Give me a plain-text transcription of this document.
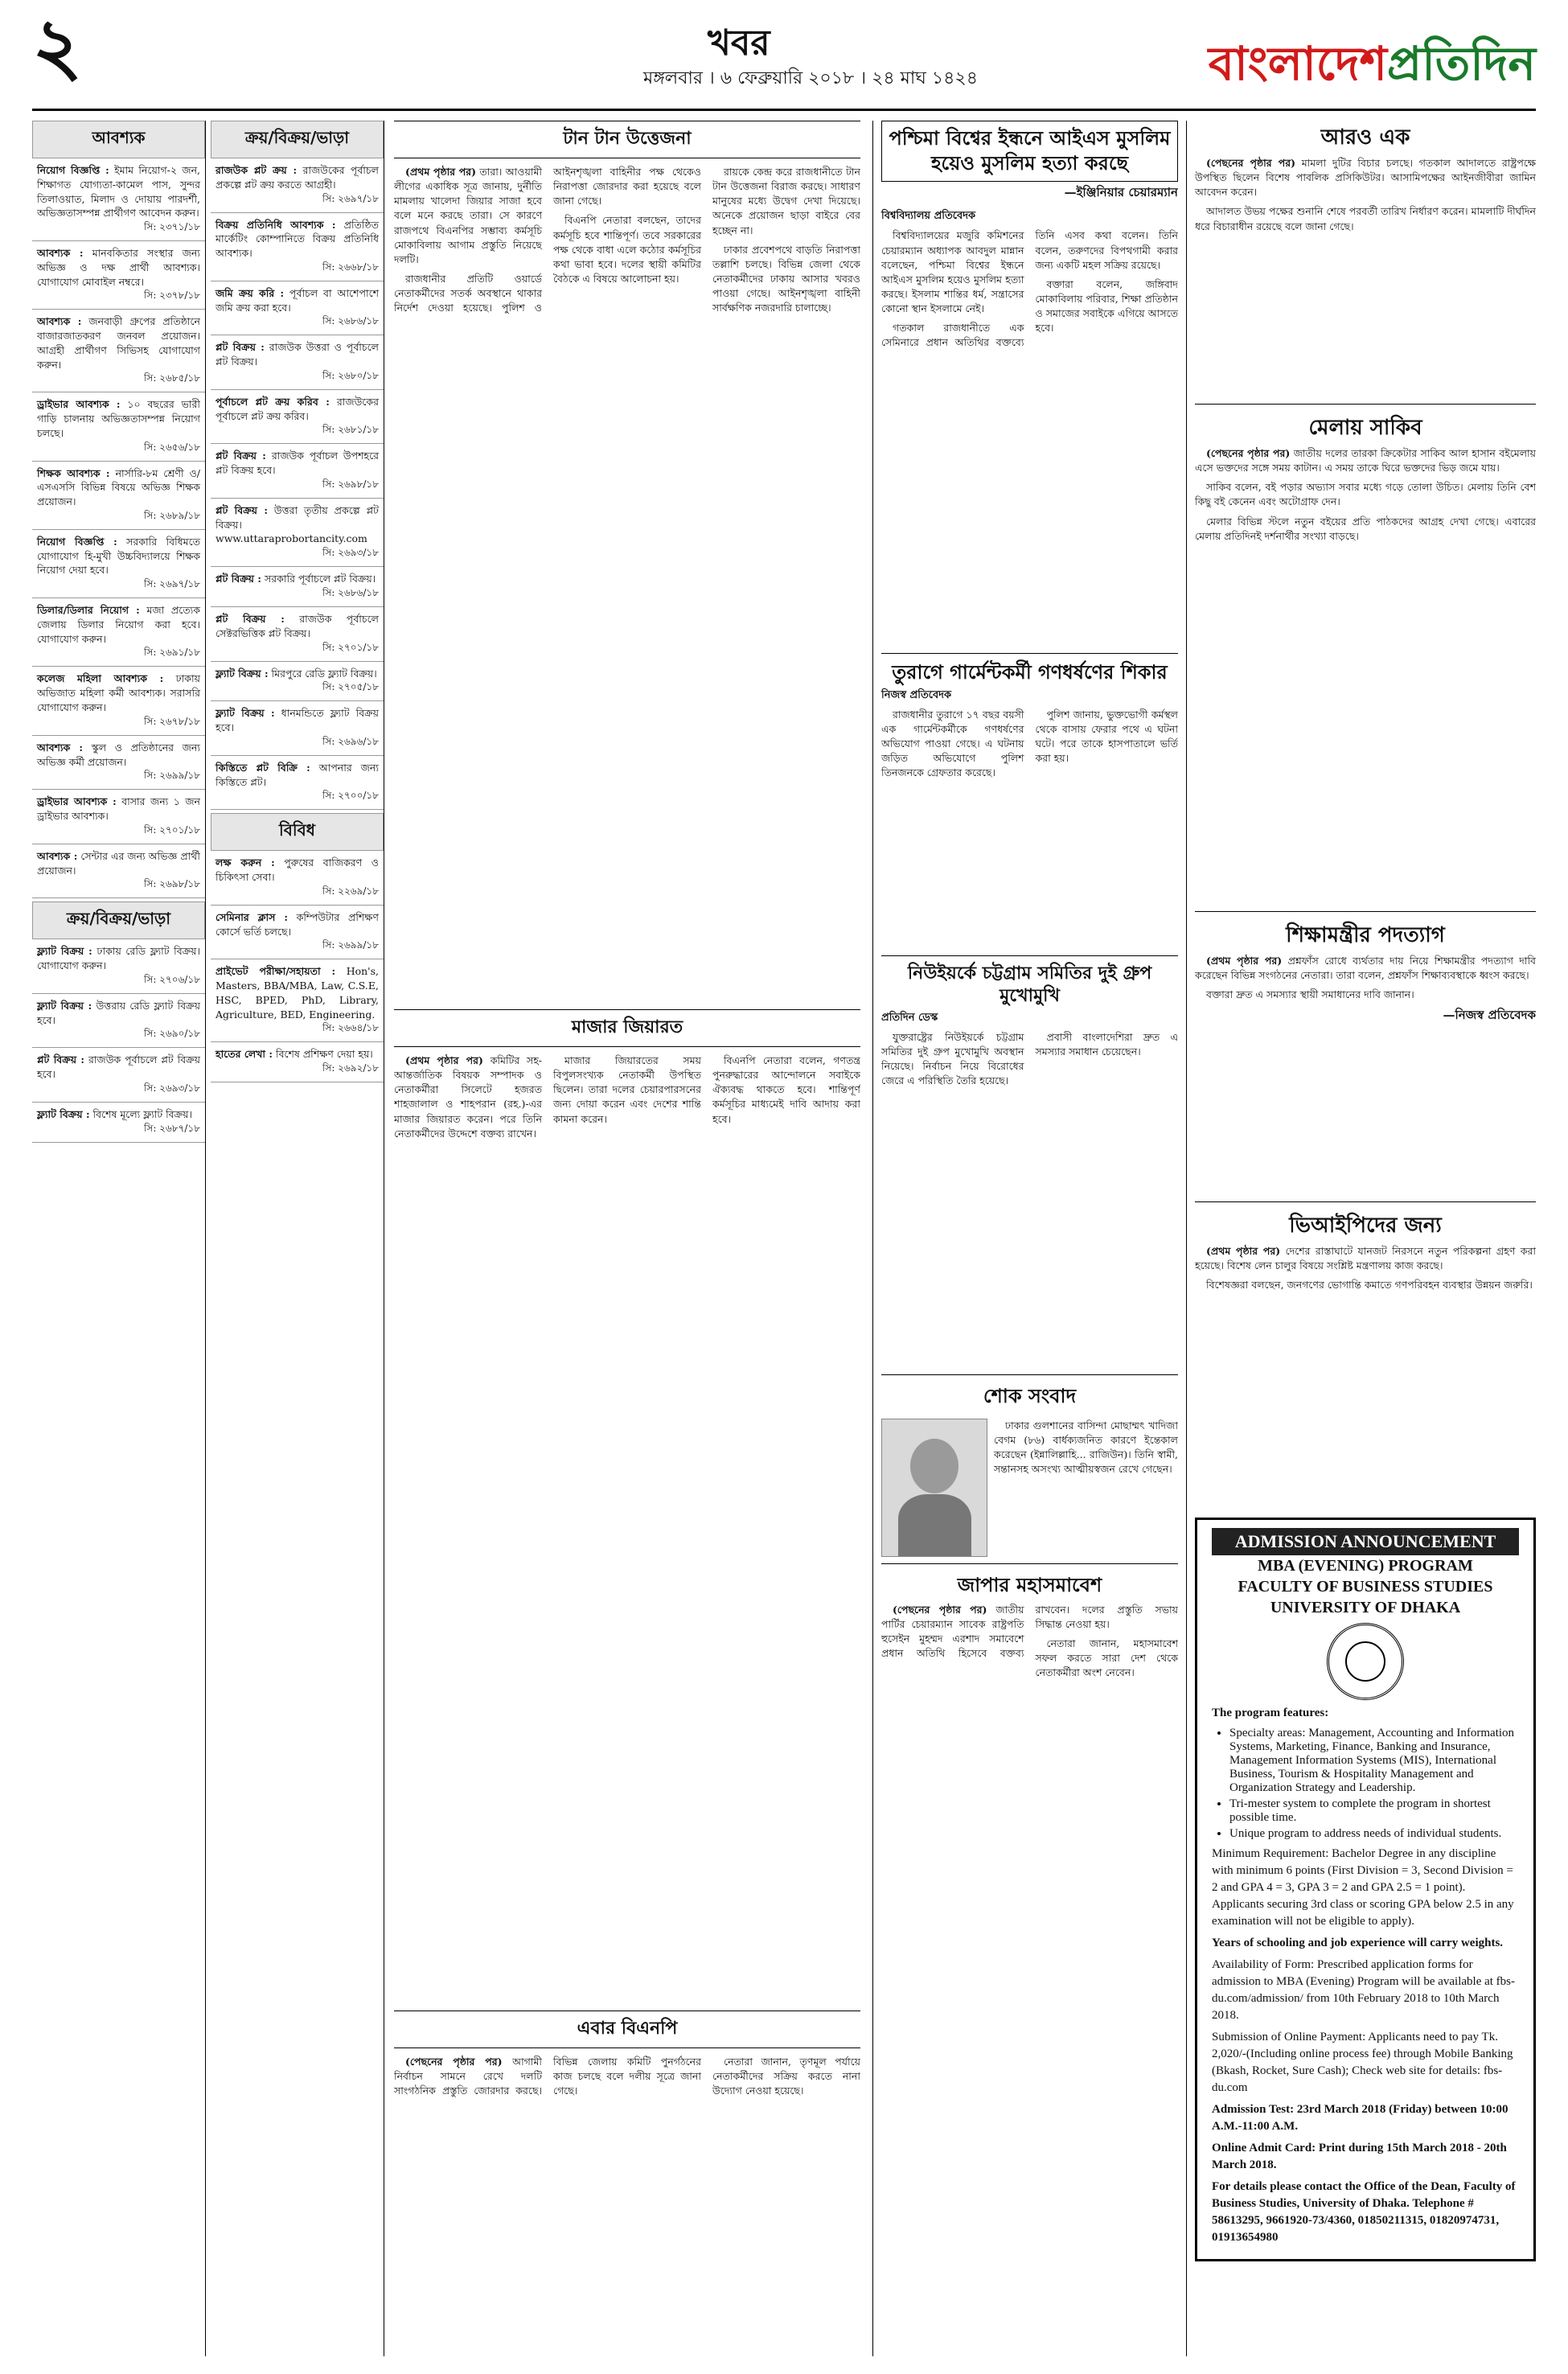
২	খবর
মঙ্গলবার । ৬ ফেব্রুয়ারি ২০১৮ । ২৪ মাঘ ১৪২৪	বাংলাদেশপ্রতিদিন
আবশ্যক
নিয়োগ বিজ্ঞপ্তি : ইমাম নিয়োগ-২ জন, শিক্ষাগত যোগ্যতা-কামেল পাস, সুন্দর তিলাওয়াত, মিলাদ ও দোয়ায় পারদর্শী, অভিজ্ঞতাসম্পন্ন প্রার্থীগণ আবেদন করুন।
সি: ২৩৭১/১৮
আবশ্যক : মানবকিতার সংস্থার জন্য অভিজ্ঞ ও দক্ষ প্রার্থী আবশ্যক। যোগাযোগ মোবাইল নম্বরে।
সি: ২৩৭৮/১৮
আবশ্যক : জনবাড়ী গ্রুপের প্রতিষ্ঠানে বাজারজাতকরণ জনবল প্রয়োজন। আগ্রহী প্রার্থীগণ সিভিসহ যোগাযোগ করুন।
সি: ২৬৮৫/১৮
ড্রাইভার আবশ্যক : ১০ বছরের ভারী গাড়ি চালনায় অভিজ্ঞতাসম্পন্ন নিয়োগ চলছে।
সি: ২৬৫৬/১৮
শিক্ষক আবশ্যক : নার্সারি-৮ম শ্রেণী ও/এসএসসি বিভিন্ন বিষয়ে অভিজ্ঞ শিক্ষক প্রয়োজন।
সি: ২৬৮৯/১৮
নিয়োগ বিজ্ঞপ্তি : সরকারি বিধিমতে যোগাযোগ হি-মুখী উচ্চবিদ্যালয়ে শিক্ষক নিয়োগ দেয়া হবে।
সি: ২৬৯৭/১৮
ডিলার/ডিলার নিয়োগ : মজা প্রত্যেক জেলায় ডিলার নিয়োগ করা হবে। যোগাযোগ করুন।
সি: ২৬৯১/১৮
কলেজ মহিলা আবশ্যক : ঢাকায় অভিজাত মহিলা কর্মী আবশ্যক। সরাসরি যোগাযোগ করুন।
সি: ২৬৭৮/১৮
আবশ্যক : স্কুল ও প্রতিষ্ঠানের জন্য অভিজ্ঞ কর্মী প্রয়োজন।
সি: ২৬৯৯/১৮
ড্রাইভার আবশ্যক : বাসার জন্য ১ জন ড্রাইভার আবশ্যক।
সি: ২৭০১/১৮
আবশ্যক : সেন্টার এর জন্য অভিজ্ঞ প্রার্থী প্রয়োজন।
সি: ২৬৯৮/১৮
ক্রয়/বিক্রয়/ভাড়া
ফ্ল্যাট বিক্রয় : ঢাকায় রেডি ফ্ল্যাট বিক্রয়। যোগাযোগ করুন।
সি: ২৭০৬/১৮
ফ্ল্যাট বিক্রয় : উত্তরায় রেডি ফ্ল্যাট বিক্রয় হবে।
সি: ২৬৯০/১৮
প্লট বিক্রয় : রাজউক পূর্বাচলে প্লট বিক্রয় হবে।
সি: ২৬৯৩/১৮
ফ্ল্যাট বিক্রয় : বিশেষ মূল্যে ফ্ল্যাট বিক্রয়।
সি: ২৬৮৭/১৮
ক্রয়/বিক্রয়/ভাড়া
রাজউক প্লট ক্রয় : রাজউকের পূর্বাচল প্রকল্পে প্লট ক্রয় করতে আগ্রহী।
সি: ২৬৯৭/১৮
বিক্রয় প্রতিনিধি আবশ্যক : প্রতিষ্ঠিত মার্কেটিং কোম্পানিতে বিক্রয় প্রতিনিধি আবশ্যক।
সি: ২৬৬৮/১৮
জমি ক্রয় করি : পূর্বাচল বা আশেপাশে জমি ক্রয় করা হবে।
সি: ২৬৮৬/১৮
প্লট বিক্রয় : রাজউক উত্তরা ও পূর্বাচলে প্লট বিক্রয়।
সি: ২৬৮০/১৮
পূর্বাচলে প্লট ক্রয় করিব : রাজউকের পূর্বাচলে প্লট ক্রয় করিব।
সি: ২৬৮১/১৮
প্লট বিক্রয় : রাজউক পূর্বাচল উপশহরে প্লট বিক্রয় হবে।
সি: ২৬৯৮/১৮
প্লট বিক্রয় : উত্তরা তৃতীয় প্রকল্পে প্লট বিক্রয়। www.uttaraprobortancity.com
সি: ২৬৯৩/১৮
প্লট বিক্রয় : সরকারি পূর্বাচলে প্লট বিক্রয়।
সি: ২৬৮৬/১৮
প্লট বিক্রয় : রাজউক পূর্বাচলে সেক্টরভিত্তিক প্লট বিক্রয়।
সি: ২৭০১/১৮
ফ্ল্যাট বিক্রয় : মিরপুরে রেডি ফ্ল্যাট বিক্রয়।
সি: ২৭০৫/১৮
ফ্ল্যাট বিক্রয় : ধানমন্ডিতে ফ্ল্যাট বিক্রয় হবে।
সি: ২৬৯৬/১৮
কিস্তিতে প্লট বিক্রি : আপনার জন্য কিস্তিতে প্লট।
সি: ২৭০০/১৮
বিবিধ
লক্ষ করুন : পুরুষের বাজিকরণ ও চিকিৎসা সেবা।
সি: ২২৬৯/১৮
সেমিনার ক্লাস : কম্পিউটার প্রশিক্ষণ কোর্সে ভর্তি চলছে।
সি: ২৬৯৯/১৮
প্রাইভেট পরীক্ষা/সহায়তা : Hon's, Masters, BBA/MBA, Law, C.S.E, HSC, BPED, PhD, Library, Agriculture, BED, Engineering.
সি: ২৬৬৪/১৮
হাতের লেখা : বিশেষ প্রশিক্ষণ দেয়া হয়।
সি: ২৬৯২/১৮
টান টান উত্তেজনা

(প্রথম পৃষ্ঠার পর) তারা। আওয়ামী লীগের একাধিক সূত্র জানায়, দুর্নীতি মামলায় খালেদা জিয়ার সাজা হবে বলে মনে করছে তারা। সে কারণে রাজপথে বিএনপির সম্ভাব্য কর্মসূচি মোকাবিলায় আগাম প্রস্তুতি নিয়েছে দলটি।

রাজধানীর প্রতিটি ওয়ার্ডে নেতাকর্মীদের সতর্ক অবস্থানে থাকার নির্দেশ দেওয়া হয়েছে। পুলিশ ও আইনশৃঙ্খলা বাহিনীর পক্ষ থেকেও নিরাপত্তা জোরদার করা হয়েছে বলে জানা গেছে।

বিএনপি নেতারা বলছেন, তাদের কর্মসূচি হবে শান্তিপূর্ণ। তবে সরকারের পক্ষ থেকে বাধা এলে কঠোর কর্মসূচির কথা ভাবা হবে। দলের স্থায়ী কমিটির বৈঠকে এ বিষয়ে আলোচনা হয়।

রায়কে কেন্দ্র করে রাজধানীতে টান টান উত্তেজনা বিরাজ করছে। সাধারণ মানুষের মধ্যে উদ্বেগ দেখা দিয়েছে। অনেকে প্রয়োজন ছাড়া বাইরে বের হচ্ছেন না।

ঢাকার প্রবেশপথে বাড়তি নিরাপত্তা তল্লাশি চলছে। বিভিন্ন জেলা থেকে নেতাকর্মীদের ঢাকায় আসার খবরও পাওয়া গেছে। আইনশৃঙ্খলা বাহিনী সার্বক্ষণিক নজরদারি চালাচ্ছে।

মাজার জিয়ারত

(প্রথম পৃষ্ঠার পর) কমিটির সহ-আন্তর্জাতিক বিষয়ক সম্পাদক ও নেতাকর্মীরা সিলেটে হজরত শাহজালাল ও শাহপরান (রহ.)-এর মাজার জিয়ারত করেন। পরে তিনি নেতাকর্মীদের উদ্দেশে বক্তব্য রাখেন।

মাজার জিয়ারতের সময় বিপুলসংখ্যক নেতাকর্মী উপস্থিত ছিলেন। তারা দলের চেয়ারপারসনের জন্য দোয়া করেন এবং দেশের শান্তি কামনা করেন।

বিএনপি নেতারা বলেন, গণতন্ত্র পুনরুদ্ধারের আন্দোলনে সবাইকে ঐক্যবদ্ধ থাকতে হবে। শান্তিপূর্ণ কর্মসূচির মাধ্যমেই দাবি আদায় করা হবে।

এবার বিএনপি

(পেছনের পৃষ্ঠার পর) আগামী নির্বাচন সামনে রেখে দলটি সাংগঠনিক প্রস্তুতি জোরদার করছে। বিভিন্ন জেলায় কমিটি পুনর্গঠনের কাজ চলছে বলে দলীয় সূত্রে জানা গেছে।

নেতারা জানান, তৃণমূল পর্যায়ে নেতাকর্মীদের সক্রিয় করতে নানা উদ্যোগ নেওয়া হয়েছে।

পশ্চিমা বিশ্বের ইন্ধনে আইএস মুসলিম হয়েও মুসলিম হত্যা করছে
—ইঞ্জিনিয়ার চেয়ারম্যান
বিশ্ববিদ্যালয় প্রতিবেদক

বিশ্ববিদ্যালয়ের মজুরি কমিশনের চেয়ারম্যান অধ্যাপক আবদুল মান্নান বলেছেন, পশ্চিমা বিশ্বের ইন্ধনে আইএস মুসলিম হয়েও মুসলিম হত্যা করছে। ইসলাম শান্তির ধর্ম, সন্ত্রাসের কোনো স্থান ইসলামে নেই।

গতকাল রাজধানীতে এক সেমিনারে প্রধান অতিথির বক্তব্যে তিনি এসব কথা বলেন। তিনি বলেন, তরুণদের বিপথগামী করার জন্য একটি মহল সক্রিয় রয়েছে।

বক্তারা বলেন, জঙ্গিবাদ মোকাবিলায় পরিবার, শিক্ষা প্রতিষ্ঠান ও সমাজের সবাইকে এগিয়ে আসতে হবে।

তুরাগে গার্মেন্টকর্মী গণধর্ষণের শিকার
নিজস্ব প্রতিবেদক

রাজধানীর তুরাগে ১৭ বছর বয়সী এক গার্মেন্টকর্মীকে গণধর্ষণের অভিযোগ পাওয়া গেছে। এ ঘটনায় জড়িত অভিযোগে পুলিশ তিনজনকে গ্রেফতার করেছে।

পুলিশ জানায়, ভুক্তভোগী কর্মস্থল থেকে বাসায় ফেরার পথে এ ঘটনা ঘটে। পরে তাকে হাসপাতালে ভর্তি করা হয়।

নিউইয়র্কে চট্টগ্রাম সমিতির দুই গ্রুপ মুখোমুখি
প্রতিদিন ডেস্ক

যুক্তরাষ্ট্রের নিউইয়র্কে চট্টগ্রাম সমিতির দুই গ্রুপ মুখোমুখি অবস্থান নিয়েছে। নির্বাচন নিয়ে বিরোধের জেরে এ পরিস্থিতি তৈরি হয়েছে।

প্রবাসী বাংলাদেশিরা দ্রুত এ সমস্যার সমাধান চেয়েছেন।

শোক সংবাদ

ঢাকার গুলশানের বাসিন্দা মোছাম্মৎ খাদিজা বেগম (৮৬) বার্ধক্যজনিত কারণে ইন্তেকাল করেছেন (ইন্নালিল্লাহি... রাজিউন)। তিনি স্বামী, সন্তানসহ অসংখ্য আত্মীয়স্বজন রেখে গেছেন।

জাপার মহাসমাবেশ

(পেছনের পৃষ্ঠার পর) জাতীয় পার্টির চেয়ারম্যান সাবেক রাষ্ট্রপতি হুসেইন মুহম্মদ এরশাদ সমাবেশে প্রধান অতিথি হিসেবে বক্তব্য রাখবেন। দলের প্রস্তুতি সভায় সিদ্ধান্ত নেওয়া হয়।

নেতারা জানান, মহাসমাবেশ সফল করতে সারা দেশ থেকে নেতাকর্মীরা অংশ নেবেন।

আরও এক

(পেছনের পৃষ্ঠার পর) মামলা দুটির বিচার চলছে। গতকাল আদালতে রাষ্ট্রপক্ষে উপস্থিত ছিলেন বিশেষ পাবলিক প্রসিকিউটর। আসামিপক্ষের আইনজীবীরা জামিন আবেদন করেন।

আদালত উভয় পক্ষের শুনানি শেষে পরবর্তী তারিখ নির্ধারণ করেন। মামলাটি দীর্ঘদিন ধরে বিচারাধীন রয়েছে বলে জানা গেছে।

মেলায় সাকিব

(পেছনের পৃষ্ঠার পর) জাতীয় দলের তারকা ক্রিকেটার সাকিব আল হাসান বইমেলায় এসে ভক্তদের সঙ্গে সময় কাটান। এ সময় তাকে ঘিরে ভক্তদের ভিড় জমে যায়।

সাকিব বলেন, বই পড়ার অভ্যাস সবার মধ্যে গড়ে তোলা উচিত। মেলায় তিনি বেশ কিছু বই কেনেন এবং অটোগ্রাফ দেন।

মেলার বিভিন্ন স্টলে নতুন বইয়ের প্রতি পাঠকদের আগ্রহ দেখা গেছে। এবারের মেলায় প্রতিদিনই দর্শনার্থীর সংখ্যা বাড়ছে।

শিক্ষামন্ত্রীর পদত্যাগ

(প্রথম পৃষ্ঠার পর) প্রশ্নফাঁস রোধে ব্যর্থতার দায় নিয়ে শিক্ষামন্ত্রীর পদত্যাগ দাবি করেছেন বিভিন্ন সংগঠনের নেতারা। তারা বলেন, প্রশ্নফাঁস শিক্ষাব্যবস্থাকে ধ্বংস করছে।

বক্তারা দ্রুত এ সমস্যার স্থায়ী সমাধানের দাবি জানান।

—নিজস্ব প্রতিবেদক
ভিআইপিদের জন্য

(প্রথম পৃষ্ঠার পর) দেশের রাস্তাঘাটে যানজট নিরসনে নতুন পরিকল্পনা গ্রহণ করা হয়েছে। বিশেষ লেন চালুর বিষয়ে সংশ্লিষ্ট মন্ত্রণালয় কাজ করছে।

বিশেষজ্ঞরা বলছেন, জনগণের ভোগান্তি কমাতে গণপরিবহন ব্যবস্থার উন্নয়ন জরুরি।

ADMISSION ANNOUNCEMENT
MBA (EVENING) PROGRAM
FACULTY OF BUSINESS STUDIES
UNIVERSITY OF DHAKA
The program features:
• Specialty areas: Management, Accounting and Information Systems, Marketing, Finance, Banking and Insurance, Management Information Systems (MIS), International Business, Tourism & Hospitality Management and Organization Strategy and Leadership.
• Tri-mester system to complete the program in shortest possible time.
• Unique program to address needs of individual students.
Minimum Requirement: Bachelor Degree in any discipline with minimum 6 points (First Division = 3, Second Division = 2 and GPA 4 = 3, GPA 3 = 2 and GPA 2.5 = 1 point). Applicants securing 3rd class or scoring GPA below 2.5 in any examination will not be eligible to apply).
Years of schooling and job experience will carry weights.
Availability of Form: Prescribed application forms for admission to MBA (Evening) Program will be available at fbs-du.com/admission/ from 10th February 2018 to 10th March 2018.
Submission of Online Payment: Applicants need to pay Tk. 2,020/-(Including online process fee) through Mobile Banking (Bkash, Rocket, Sure Cash); Check web site for details: fbs-du.com
Admission Test: 23rd March 2018 (Friday) between 10:00 A.M.-11:00 A.M.
Online Admit Card: Print during 15th March 2018 - 20th March 2018.
For details please contact the Office of the Dean, Faculty of Business Studies, University of Dhaka. Telephone # 58613295, 9661920-73/4360, 01850211315, 01820974731, 01913654980
